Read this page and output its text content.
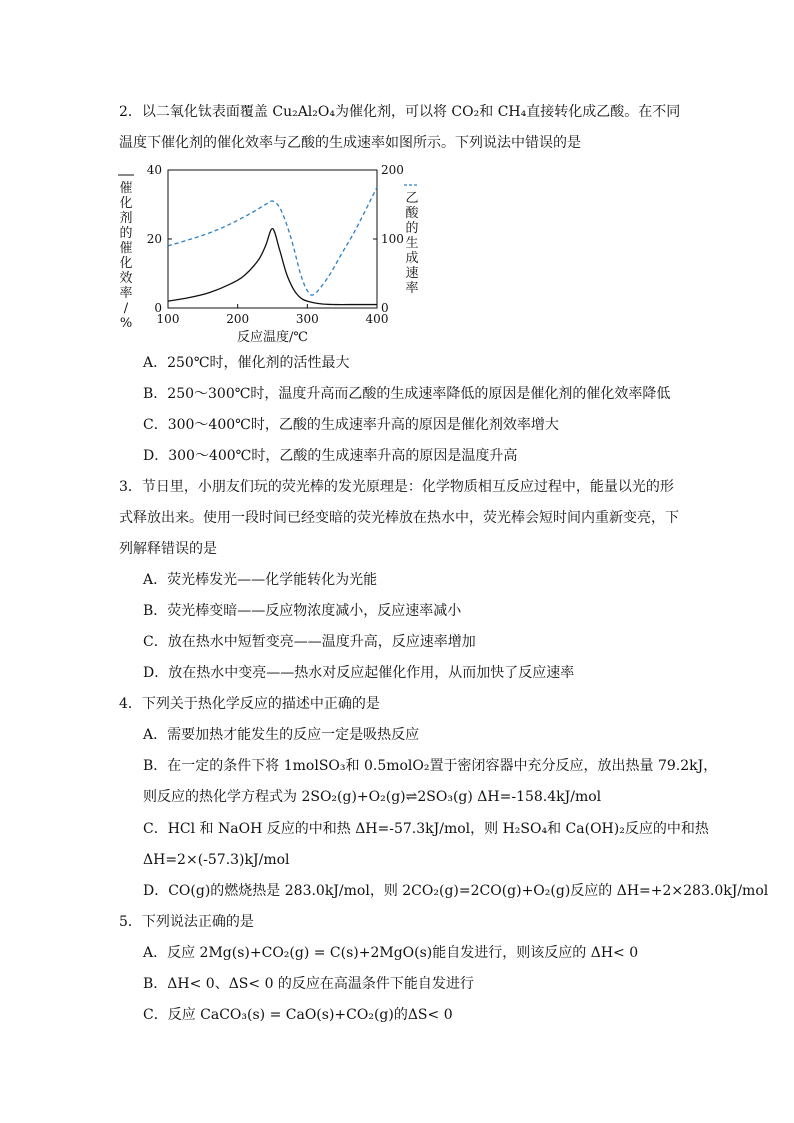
2．以二氧化钛表面覆盖 Cu₂Al₂O₄为催化剂，可以将 CO₂和 CH₄直接转化成乙酸。在不同
温度下催化剂的催化效率与乙酸的生成速率如图所示。下列说法中错误的是
100	200	300	400
0
20
40
0
100
200
反应温度/℃
催化剂的催化效率/ %
乙酸的生成速率
A．250℃时，催化剂的活性最大
B．250～300℃时，温度升高而乙酸的生成速率降低的原因是催化剂的催化效率降低
C．300～400℃时，乙酸的生成速率升高的原因是催化剂效率增大
D．300～400℃时，乙酸的生成速率升高的原因是温度升高
3．节日里，小朋友们玩的荧光棒的发光原理是：化学物质相互反应过程中，能量以光的形
式释放出来。使用一段时间已经变暗的荧光棒放在热水中，荧光棒会短时间内重新变亮，下
列解释错误的是
A．荧光棒发光——化学能转化为光能
B．荧光棒变暗——反应物浓度减小，反应速率减小
C．放在热水中短暂变亮——温度升高，反应速率增加
D．放在热水中变亮——热水对反应起催化作用，从而加快了反应速率
4．下列关于热化学反应的描述中正确的是
A．需要加热才能发生的反应一定是吸热反应
B．在一定的条件下将 1molSO₃和 0.5molO₂置于密闭容器中充分反应，放出热量 79.2kJ，
则反应的热化学方程式为 2SO₂(g)+O₂(g)⇌2SO₃(g) ΔH=-158.4kJ/mol
C．HCl 和 NaOH 反应的中和热 ΔH=-57.3kJ/mol，则 H₂SO₄和 Ca(OH)₂反应的中和热
ΔH=2×(-57.3)kJ/mol
D．CO(g)的燃烧热是 283.0kJ/mol，则 2CO₂(g)=2CO(g)+O₂(g)反应的 ΔH=+2×283.0kJ/mol
5．下列说法正确的是
A．反应 2Mg(s)+CO₂(g) = C(s)+2MgO(s)能自发进行，则该反应的 ΔH< 0
B．ΔH< 0、ΔS< 0 的反应在高温条件下能自发进行
C．反应 CaCO₃(s) = CaO(s)+CO₂(g)的ΔS< 0
